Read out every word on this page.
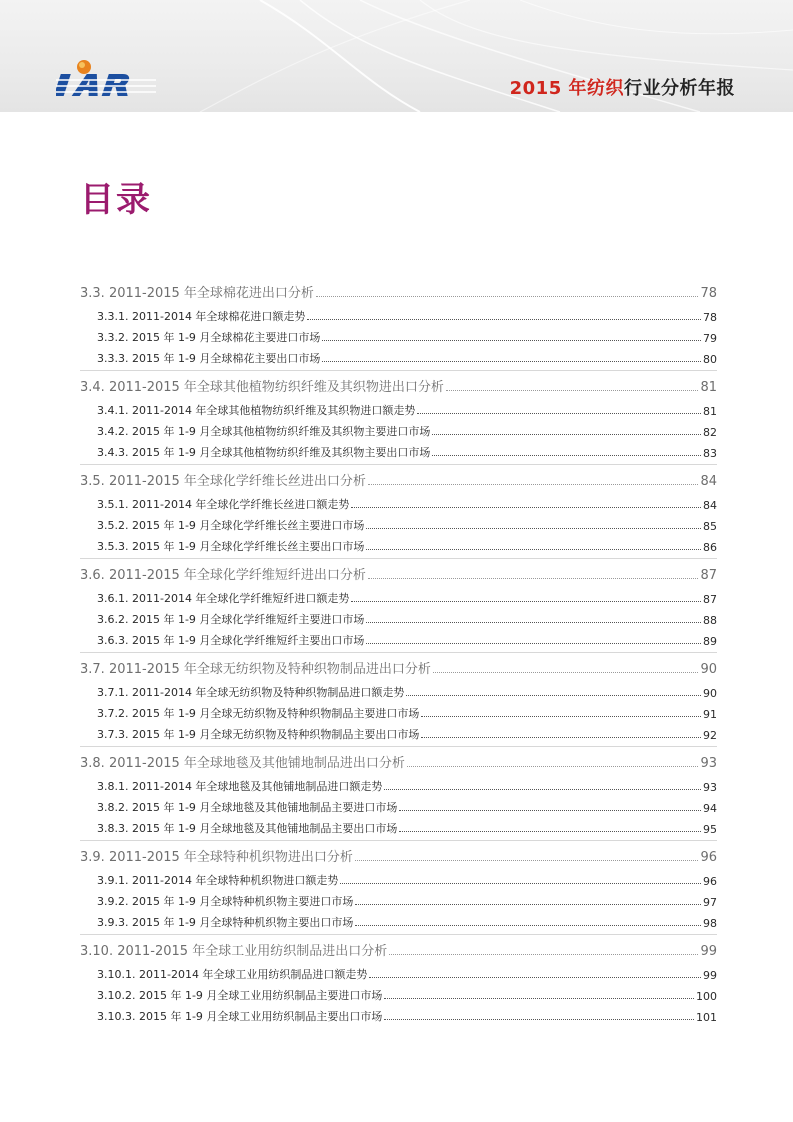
2015 年纺织行业分析年报
目录
3.3. 2011-2015 年全球棉花进出口分析	78
3.3.1. 2011-2014 年全球棉花进口额走势	78
3.3.2. 2015 年 1-9 月全球棉花主要进口市场	79
3.3.3. 2015 年 1-9 月全球棉花主要出口市场	80
3.4. 2011-2015 年全球其他植物纺织纤维及其织物进出口分析	81
3.4.1. 2011-2014 年全球其他植物纺织纤维及其织物进口额走势	81
3.4.2. 2015 年 1-9 月全球其他植物纺织纤维及其织物主要进口市场	82
3.4.3. 2015 年 1-9 月全球其他植物纺织纤维及其织物主要出口市场	83
3.5. 2011-2015 年全球化学纤维长丝进出口分析	84
3.5.1. 2011-2014 年全球化学纤维长丝进口额走势	84
3.5.2. 2015 年 1-9 月全球化学纤维长丝主要进口市场	85
3.5.3. 2015 年 1-9 月全球化学纤维长丝主要出口市场	86
3.6. 2011-2015 年全球化学纤维短纤进出口分析	87
3.6.1. 2011-2014 年全球化学纤维短纤进口额走势	87
3.6.2. 2015 年 1-9 月全球化学纤维短纤主要进口市场	88
3.6.3. 2015 年 1-9 月全球化学纤维短纤主要出口市场	89
3.7. 2011-2015 年全球无纺织物及特种织物制品进出口分析	90
3.7.1. 2011-2014 年全球无纺织物及特种织物制品进口额走势	90
3.7.2. 2015 年 1-9 月全球无纺织物及特种织物制品主要进口市场	91
3.7.3. 2015 年 1-9 月全球无纺织物及特种织物制品主要出口市场	92
3.8. 2011-2015 年全球地毯及其他铺地制品进出口分析	93
3.8.1. 2011-2014 年全球地毯及其他铺地制品进口额走势	93
3.8.2. 2015 年 1-9 月全球地毯及其他铺地制品主要进口市场	94
3.8.3. 2015 年 1-9 月全球地毯及其他铺地制品主要出口市场	95
3.9. 2011-2015 年全球特种机织物进出口分析	96
3.9.1. 2011-2014 年全球特种机织物进口额走势	96
3.9.2. 2015 年 1-9 月全球特种机织物主要进口市场	97
3.9.3. 2015 年 1-9 月全球特种机织物主要出口市场	98
3.10. 2011-2015 年全球工业用纺织制品进出口分析	99
3.10.1. 2011-2014 年全球工业用纺织制品进口额走势	99
3.10.2. 2015 年 1-9 月全球工业用纺织制品主要进口市场	100
3.10.3. 2015 年 1-9 月全球工业用纺织制品主要出口市场	101
